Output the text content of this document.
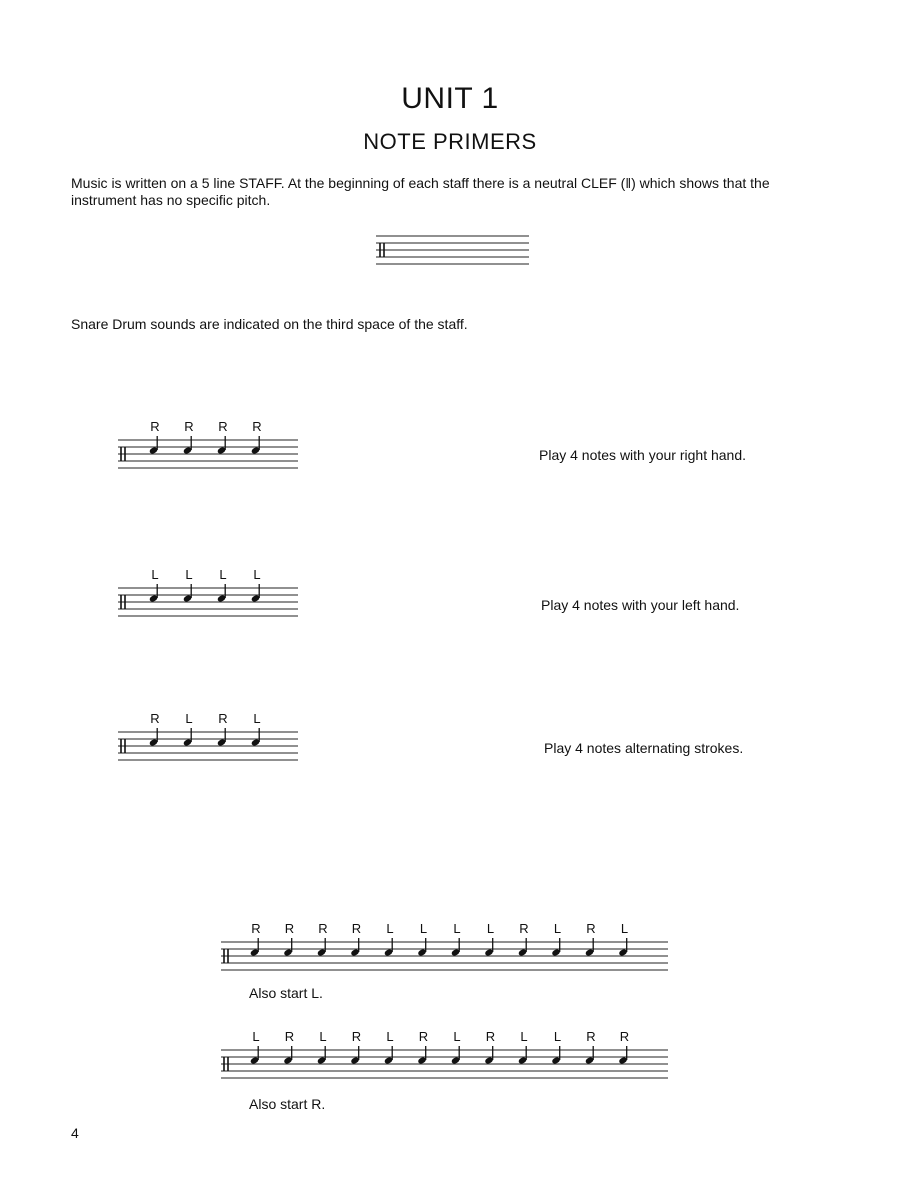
UNIT 1
NOTE PRIMERS

Music is written on a 5 line STAFF. At the beginning of each staff there is a neutral CLEF (‖) which shows that the instrument has no specific pitch.

Snare Drum sounds are indicated on the third space of the staff.

R R R R

Play 4 notes with your right hand.

L L L L

Play 4 notes with your left hand.

R L R L

Play 4 notes alternating strokes.

R R R R L L L L R L R L

Also start L.

L R L R L R L R L L R R

Also start R.

4
